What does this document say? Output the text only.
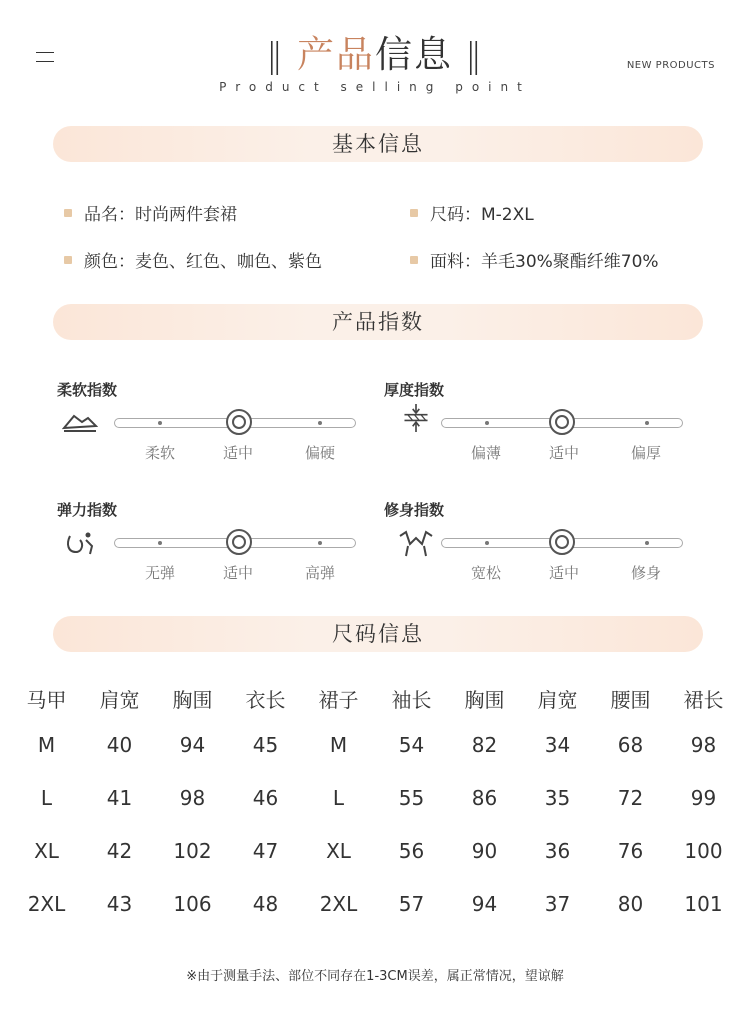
‖ 产品信息 ‖
Product selling point
NEW PRODUCTS
基本信息
品名：时尚两件套裙	尺码：M-2XL
颜色：麦色、红色、咖色、紫色	面料：羊毛30%聚酯纤维70%
产品指数
柔软指数
柔软	适中	偏硬
厚度指数
偏薄	适中	偏厚
弹力指数
无弹	适中	高弹
修身指数
宽松	适中	修身
尺码信息
马甲	肩宽	胸围	衣长	裙子	袖长	胸围	肩宽	腰围	裙长
M	40	94	45	M	54	82	34	68	98
L	41	98	46	L	55	86	35	72	99
XL	42	102	47	XL	56	90	36	76	100
2XL	43	106	48	2XL	57	94	37	80	101
※由于测量手法、部位不同存在1-3CM误差，属正常情况，望谅解
